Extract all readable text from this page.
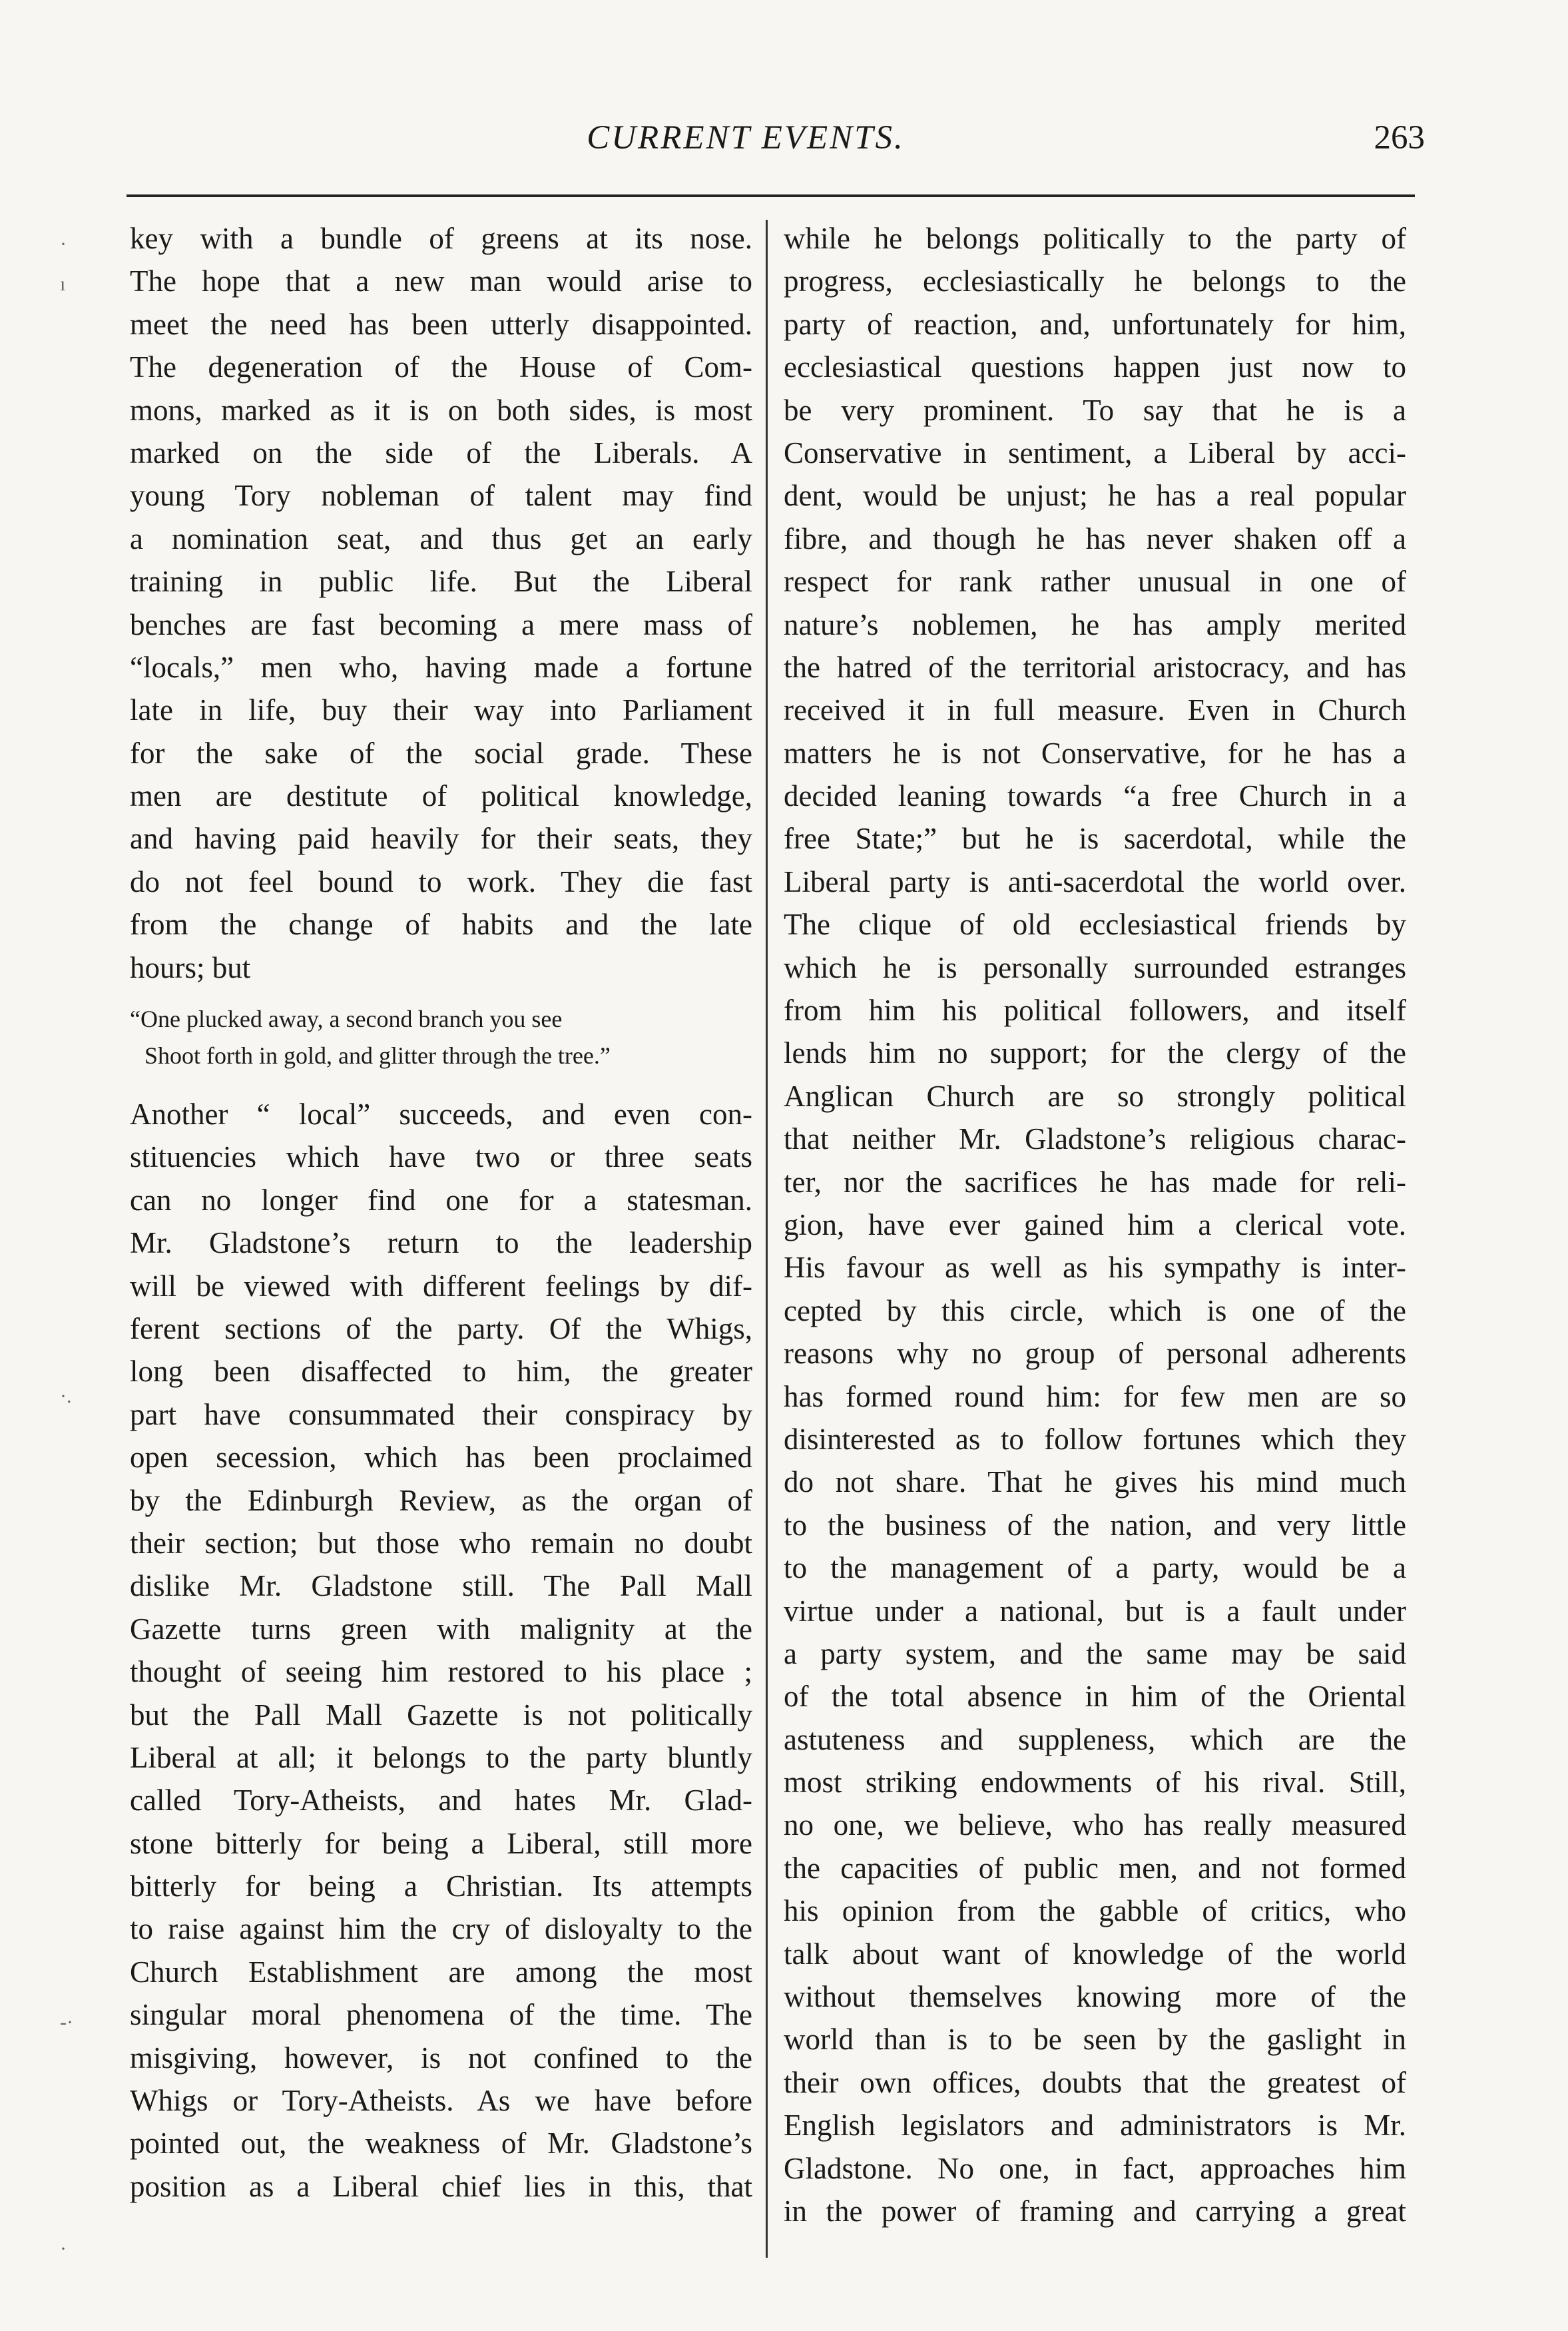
CURRENT EVENTS.	263
·
ı
·.
-·
·
key with a bundle of greens at its nose.
The hope that a new man would arise to
meet the need has been utterly disappointed.
The degeneration of the House of Com-
mons, marked as it is on both sides, is most
marked on the side of the Liberals. A
young Tory nobleman of talent may find
a nomination seat, and thus get an early
training in public life. But the Liberal
benches are fast becoming a mere mass of
“locals,” men who, having made a fortune
late in life, buy their way into Parliament
for the sake of the social grade. These
men are destitute of political knowledge,
and having paid heavily for their seats, they
do not feel bound to work. They die fast
from the change of habits and the late
hours; but
“One plucked away, a second branch you see
Shoot forth in gold, and glitter through the tree.”
Another “ local” succeeds, and even con-
stituencies which have two or three seats
can no longer find one for a statesman.
Mr. Gladstone’s return to the leadership
will be viewed with different feelings by dif-
ferent sections of the party. Of the Whigs,
long been disaffected to him, the greater
part have consummated their conspiracy by
open secession, which has been proclaimed
by the Edinburgh Review, as the organ of
their section; but those who remain no doubt
dislike Mr. Gladstone still. The Pall Mall
Gazette turns green with malignity at the
thought of seeing him restored to his place ;
but the Pall Mall Gazette is not politically
Liberal at all; it belongs to the party bluntly
called Tory-Atheists, and hates Mr. Glad-
stone bitterly for being a Liberal, still more
bitterly for being a Christian. Its attempts
to raise against him the cry of disloyalty to the
Church Establishment are among the most
singular moral phenomena of the time. The
misgiving, however, is not confined to the
Whigs or Tory-Atheists. As we have before
pointed out, the weakness of Mr. Gladstone’s
position as a Liberal chief lies in this, that
while he belongs politically to the party of
progress, ecclesiastically he belongs to the
party of reaction, and, unfortunately for him,
ecclesiastical questions happen just now to
be very prominent. To say that he is a
Conservative in sentiment, a Liberal by acci-
dent, would be unjust; he has a real popular
fibre, and though he has never shaken off a
respect for rank rather unusual in one of
nature’s noblemen, he has amply merited
the hatred of the territorial aristocracy, and has
received it in full measure. Even in Church
matters he is not Conservative, for he has a
decided leaning towards “a free Church in a
free State;” but he is sacerdotal, while the
Liberal party is anti-sacerdotal the world over.
The clique of old ecclesiastical friends by
which he is personally surrounded estranges
from him his political followers, and itself
lends him no support; for the clergy of the
Anglican Church are so strongly political
that neither Mr. Gladstone’s religious charac-
ter, nor the sacrifices he has made for reli-
gion, have ever gained him a clerical vote.
His favour as well as his sympathy is inter-
cepted by this circle, which is one of the
reasons why no group of personal adherents
has formed round him: for few men are so
disinterested as to follow fortunes which they
do not share. That he gives his mind much
to the business of the nation, and very little
to the management of a party, would be a
virtue under a national, but is a fault under
a party system, and the same may be said
of the total absence in him of the Oriental
astuteness and suppleness, which are the
most striking endowments of his rival. Still,
no one, we believe, who has really measured
the capacities of public men, and not formed
his opinion from the gabble of critics, who
talk about want of knowledge of the world
without themselves knowing more of the
world than is to be seen by the gaslight in
their own offices, doubts that the greatest of
English legislators and administrators is Mr.
Gladstone. No one, in fact, approaches him
in the power of framing and carrying a great
